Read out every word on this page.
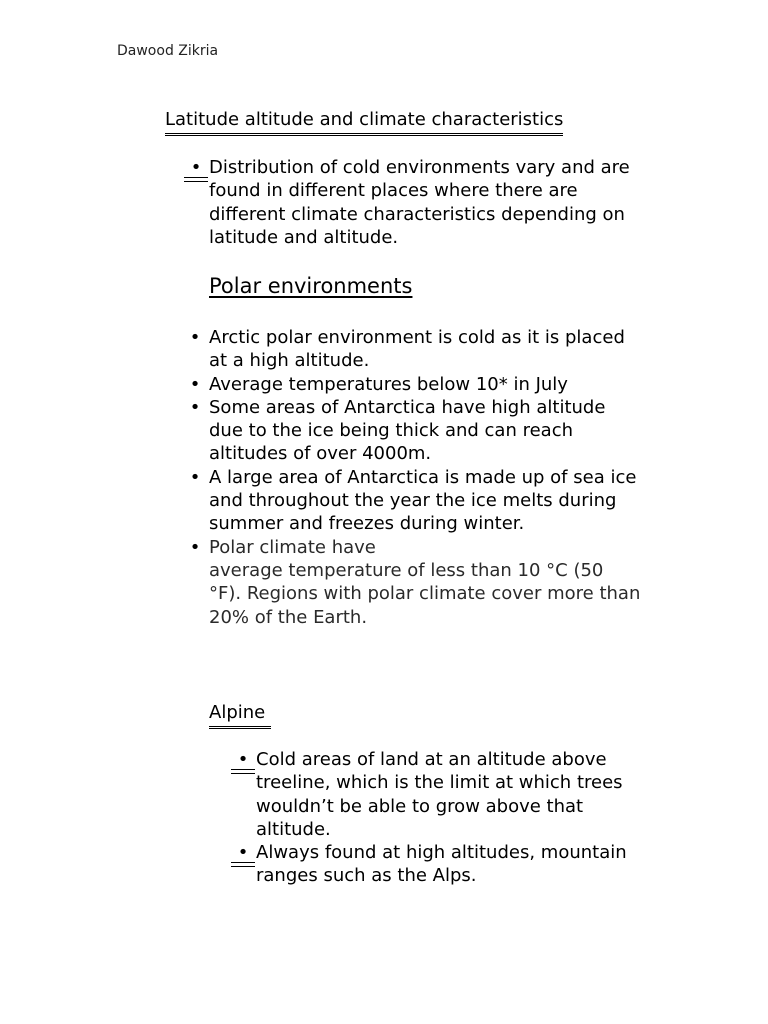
Dawood Zikria
Latitude altitude and climate characteristics
• Distribution of cold environments vary and are found in different places where there are different climate characteristics depending on latitude and altitude.
Polar environments
• Arctic polar environment is cold as it is placed at a high altitude.
• Average temperatures below 10* in July
• Some areas of Antarctica have high altitude due to the ice being thick and can reach altitudes of over 4000m.
• A large area of Antarctica is made up of sea ice and throughout the year the ice melts during summer and freezes during winter.
• Polar climate have
average temperature of less than 10 °C (50 °F). Regions with polar climate cover more than 20% of the Earth.
Alpine
• Cold areas of land at an altitude above treeline, which is the limit at which trees wouldn’t be able to grow above that altitude.
• Always found at high altitudes, mountain ranges such as the Alps.
